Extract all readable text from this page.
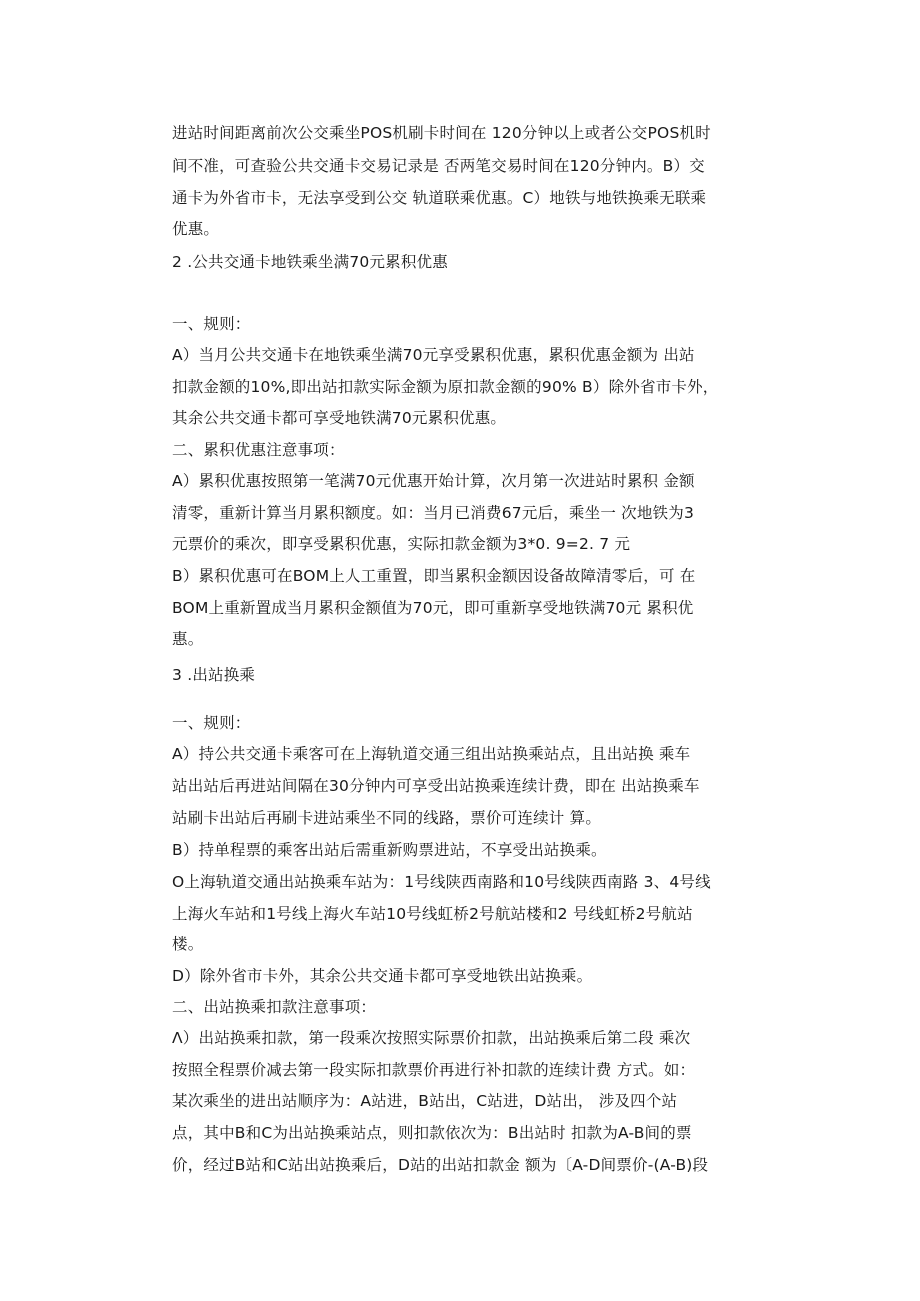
进站时间距离前次公交乘坐POS机刷卡时间在 120分钟以上或者公交POS机时
间不准，可查验公共交通卡交易记录是 否两笔交易时间在120分钟内。B）交
通卡为外省市卡，无法享受到公交 轨道联乘优惠。C）地铁与地铁换乘无联乘
优惠。
2 .公共交通卡地铁乘坐满70元累积优惠
一、规则：
A）当月公共交通卡在地铁乘坐满70元享受累积优惠，累积优惠金额为 出站
扣款金额的10%,即出站扣款实际金额为原扣款金额的90% B）除外省市卡外，
其余公共交通卡都可享受地铁满70元累积优惠。
二、累积优惠注意事项：
A）累积优惠按照第一笔满70元优惠开始计算，次月第一次进站时累积 金额
清零，重新计算当月累积额度。如：当月已消费67元后，乘坐一 次地铁为3
元票价的乘次，即享受累积优惠，实际扣款金额为3*0. 9=2. 7 元
B）累积优惠可在BOM上人工重置，即当累积金额因设备故障清零后，可 在
BOM上重新置成当月累积金额值为70元，即可重新享受地铁满70元 累积优
惠。
3 .出站换乘
一、规则：
A）持公共交通卡乘客可在上海轨道交通三组出站换乘站点，且出站换 乘车
站出站后再进站间隔在30分钟内可享受出站换乘连续计费，即在 出站换乘车
站刷卡出站后再刷卡进站乘坐不同的线路，票价可连续计 算。
B）持单程票的乘客出站后需重新购票进站，不享受出站换乘。
O上海轨道交通出站换乘车站为：1号线陕西南路和10号线陕西南路 3、4号线
上海火车站和1号线上海火车站10号线虹桥2号航站楼和2 号线虹桥2号航站
楼。
D）除外省市卡外，其余公共交通卡都可享受地铁出站换乘。
二、出站换乘扣款注意事项：
Λ）出站换乘扣款，第一段乘次按照实际票价扣款，出站换乘后第二段 乘次
按照全程票价减去第一段实际扣款票价再进行补扣款的连续计费 方式。如：
某次乘坐的进出站顺序为：A站进，B站出，C站进，D站出， 涉及四个站
点，其中B和C为出站换乘站点，则扣款依次为：B出站时 扣款为A-B间的票
价，经过B站和C站出站换乘后，D站的出站扣款金 额为〔A-D间票价-(A-B)段
